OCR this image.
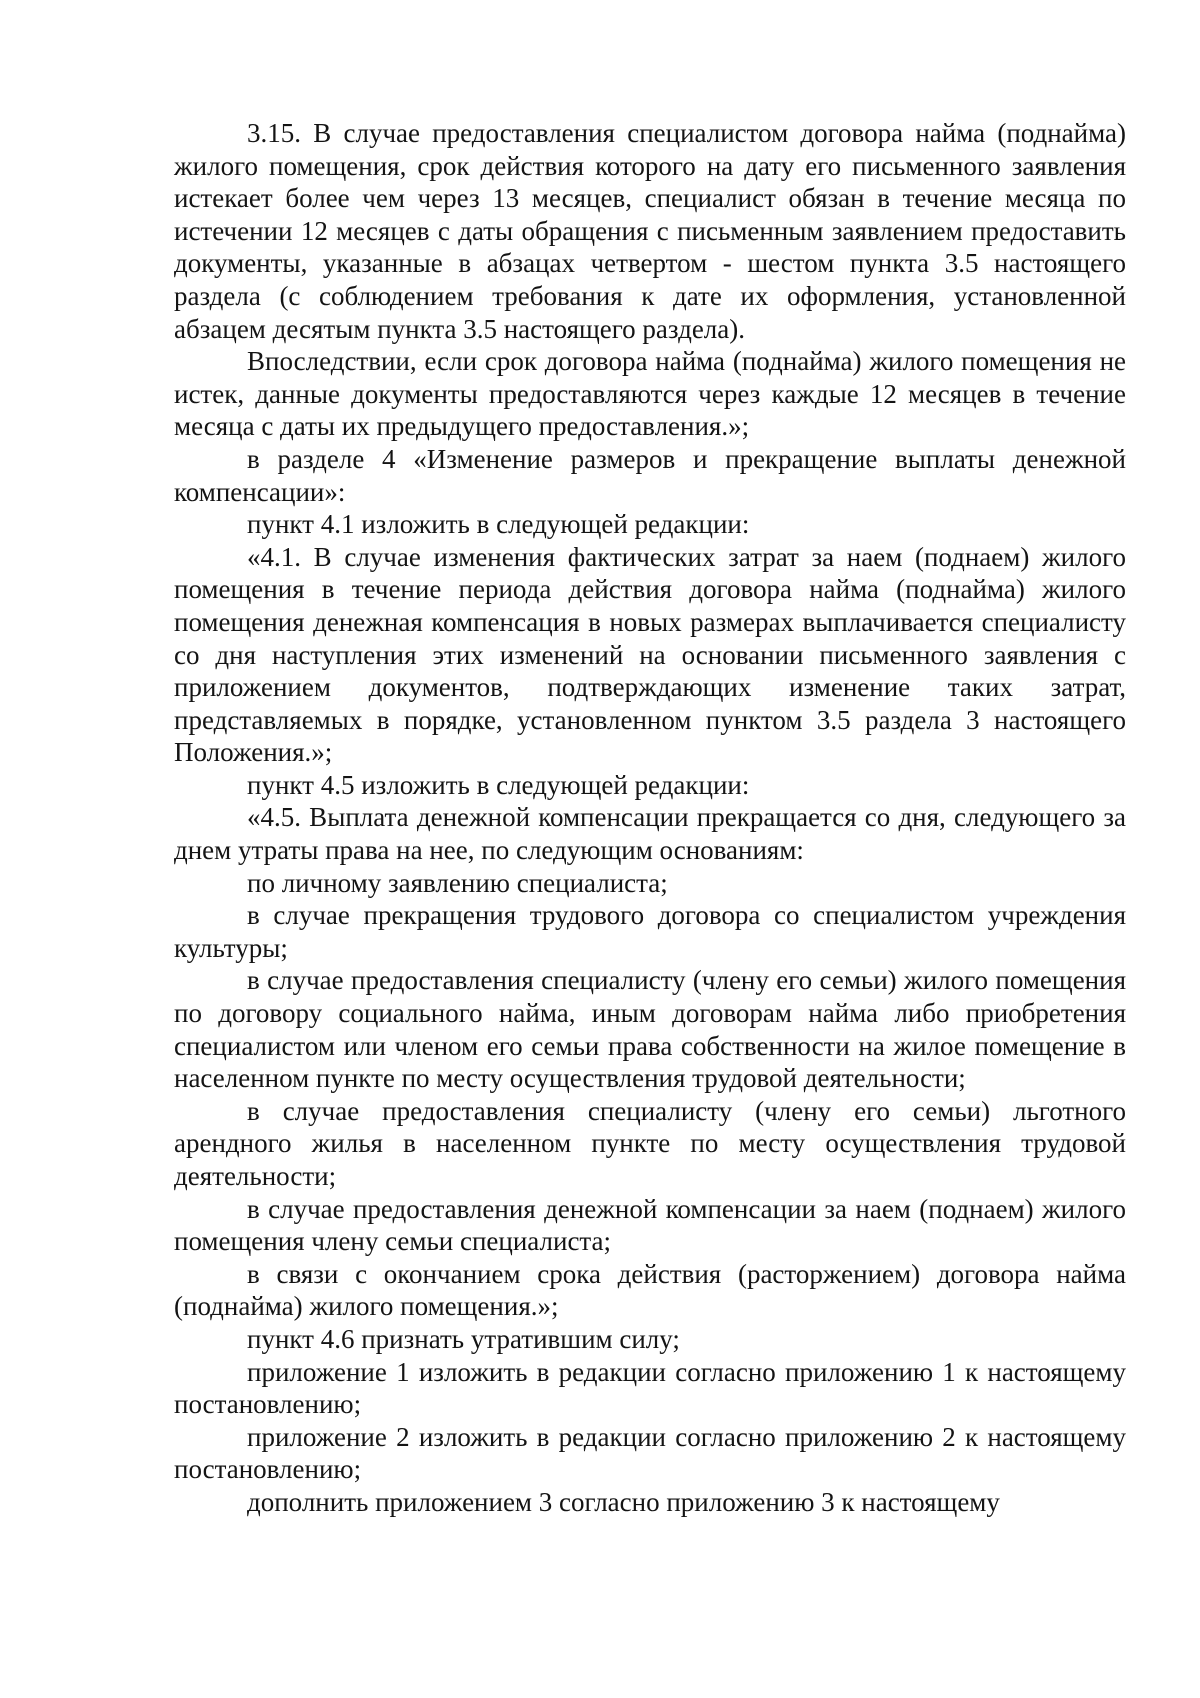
3.15. В случае предоставления специалистом договора найма (поднайма) жилого помещения, срок действия которого на дату его письменного заявления истекает более чем через 13 месяцев, специалист обязан в течение месяца по истечении 12 месяцев с даты обращения с письменным заявлением предоставить документы, указанные в абзацах четвертом - шестом пункта 3.5 настоящего раздела (с соблюдением требования к дате их оформления, установленной абзацем десятым пункта 3.5 настоящего раздела).

Впоследствии, если срок договора найма (поднайма) жилого помещения не истек, данные документы предоставляются через каждые 12 месяцев в течение месяца с даты их предыдущего предоставления.»;

в разделе 4 «Изменение размеров и прекращение выплаты денежной компенсации»:

пункт 4.1 изложить в следующей редакции:

«4.1. В случае изменения фактических затрат за наем (поднаем) жилого помещения в течение периода действия договора найма (поднайма) жилого помещения денежная компенсация в новых размерах выплачивается специалисту со дня наступления этих изменений на основании письменного заявления с приложением документов, подтверждающих изменение таких затрат, представляемых в порядке, установленном пунктом 3.5 раздела 3 настоящего Положения.»;

пункт 4.5 изложить в следующей редакции:

«4.5. Выплата денежной компенсации прекращается со дня, следующего за днем утраты права на нее, по следующим основаниям:

по личному заявлению специалиста;

в случае прекращения трудового договора со специалистом учреждения культуры;

в случае предоставления специалисту (члену его семьи) жилого помещения по договору социального найма, иным договорам найма либо приобретения специалистом или членом его семьи права собственности на жилое помещение в населенном пункте по месту осуществления трудовой деятельности;

в случае предоставления специалисту (члену его семьи) льготного арендного жилья в населенном пункте по месту осуществления трудовой деятельности;

в случае предоставления денежной компенсации за наем (поднаем) жилого помещения члену семьи специалиста;

в связи с окончанием срока действия (расторжением) договора найма (поднайма) жилого помещения.»;

пункт 4.6 признать утратившим силу;

приложение 1 изложить в редакции согласно приложению 1 к настоящему постановлению;

приложение 2 изложить в редакции согласно приложению 2 к настоящему постановлению;

дополнить приложением 3 согласно приложению 3 к настоящему
